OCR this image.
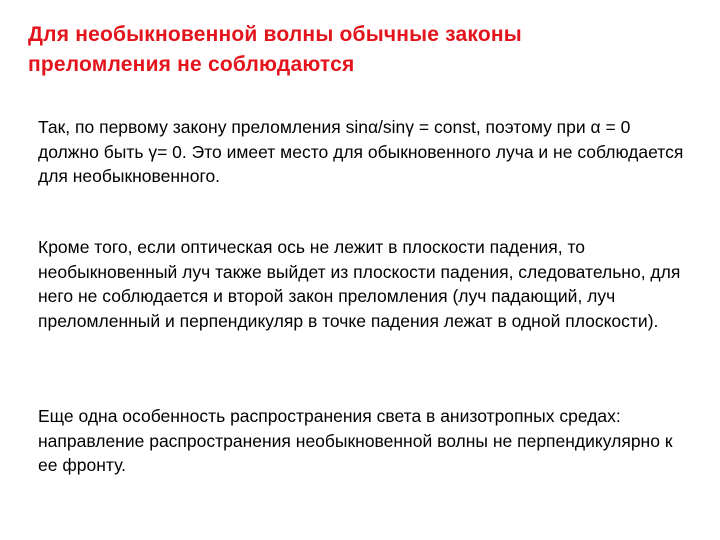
Для необыкновенной волны обычные законы преломления не соблюдаются

Так, по первому закону преломления sinα/sinγ = const, поэтому при α = 0 должно быть γ= 0. Это имеет место для обыкновенного луча и не соблюдается для необыкновенного.

Кроме того, если оптическая ось не лежит в плоскости падения, то необыкновенный луч также выйдет из плоскости падения, следовательно, для него не соблюдается и второй закон преломления (луч падающий, луч преломленный и перпендикуляр в точке падения лежат в одной плоскости).

Еще одна особенность распространения света в анизотропных средах: направление распространения необыкновенной волны не перпендикулярно к ее фронту.
